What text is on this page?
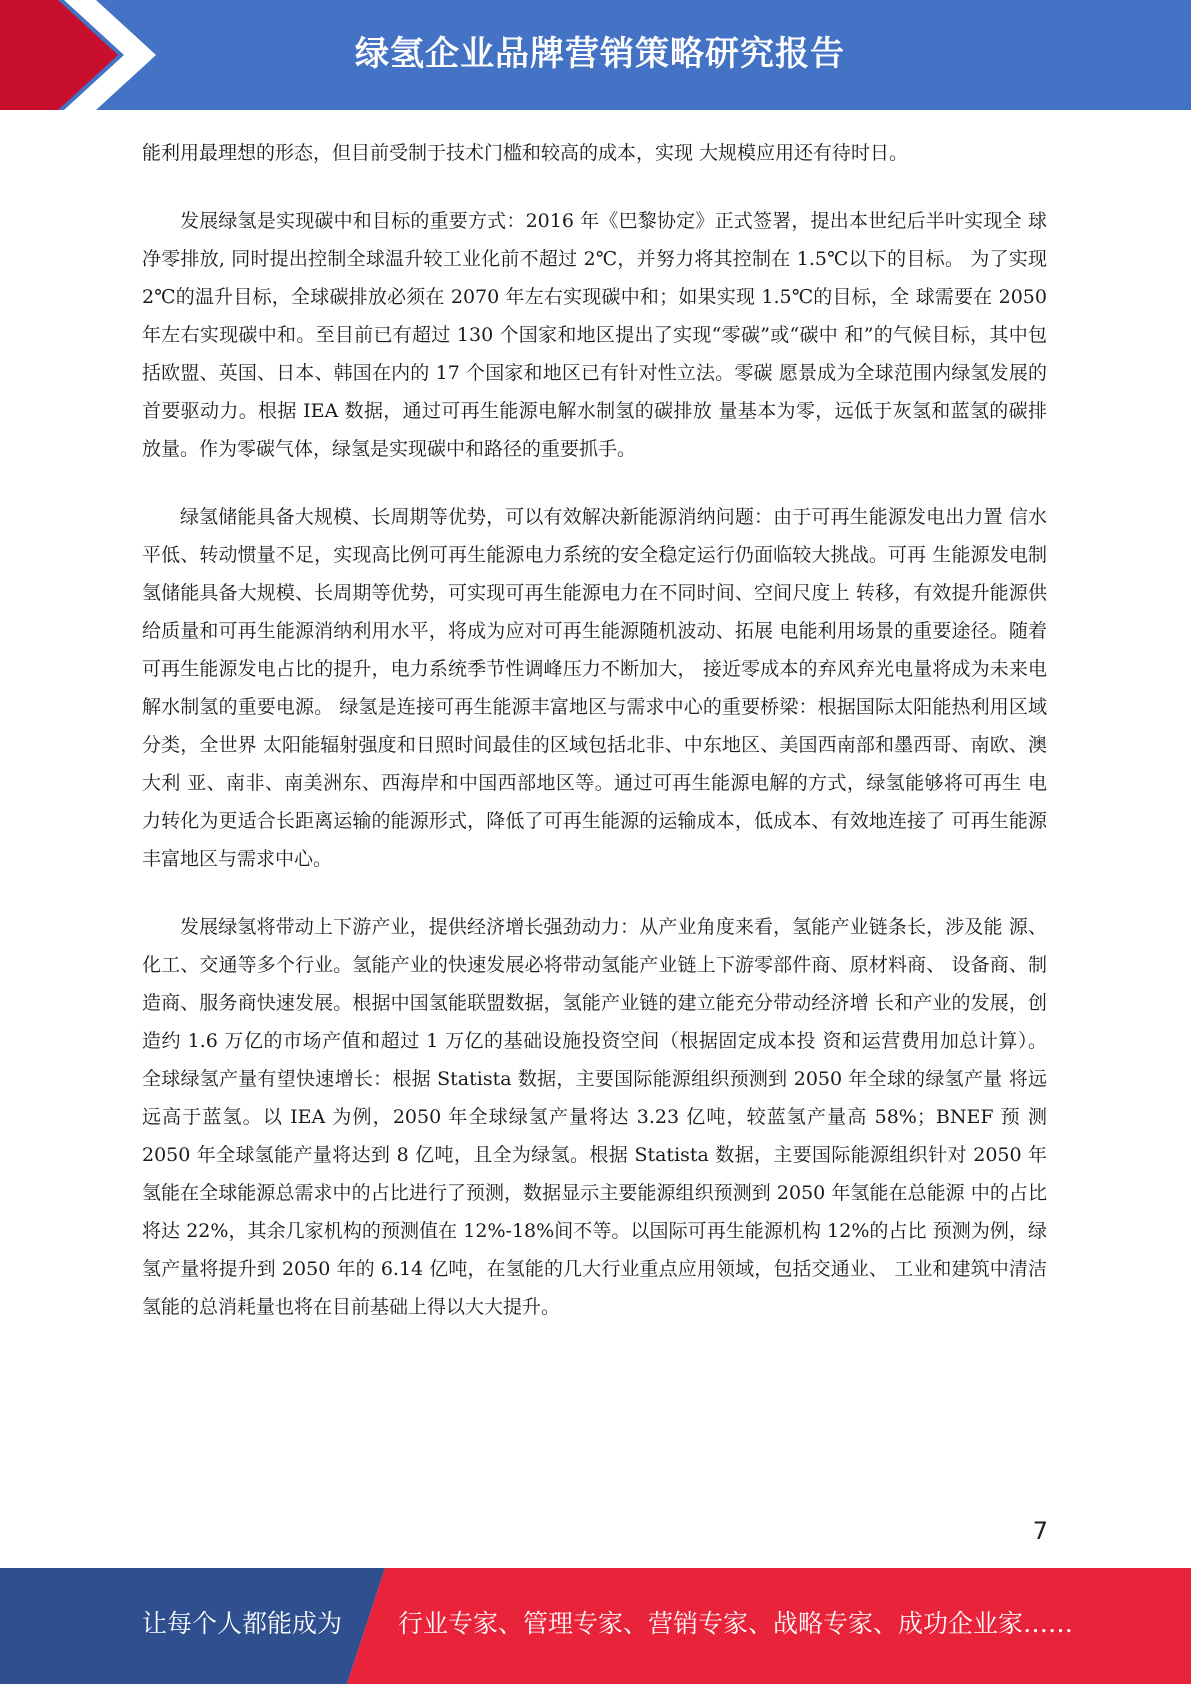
绿氢企业品牌营销策略研究报告

能利用最理想的形态，但目前受制于技术门槛和较高的成本，实现 大规模应用还有待时日。

发展绿氢是实现碳中和目标的重要方式：2016 年《巴黎协定》正式签署，提出本世纪后半叶实现全 球净零排放, 同时提出控制全球温升较工业化前不超过 2℃，并努力将其控制在 1.5℃以下的目标。 为了实现 2℃的温升目标，全球碳排放必须在 2070 年左右实现碳中和；如果实现 1.5℃的目标，全 球需要在 2050 年左右实现碳中和。至目前已有超过 130 个国家和地区提出了实现“零碳”或“碳中 和”的气候目标，其中包括欧盟、英国、日本、韩国在内的 17 个国家和地区已有针对性立法。零碳 愿景成为全球范围内绿氢发展的首要驱动力。根据 IEA 数据，通过可再生能源电解水制氢的碳排放 量基本为零，远低于灰氢和蓝氢的碳排放量。作为零碳气体，绿氢是实现碳中和路径的重要抓手。

绿氢储能具备大规模、长周期等优势，可以有效解决新能源消纳问题：由于可再生能源发电出力置 信水平低、转动惯量不足，实现高比例可再生能源电力系统的安全稳定运行仍面临较大挑战。可再 生能源发电制氢储能具备大规模、长周期等优势，可实现可再生能源电力在不同时间、空间尺度上 转移，有效提升能源供给质量和可再生能源消纳利用水平，将成为应对可再生能源随机波动、拓展 电能利用场景的重要途径。随着可再生能源发电占比的提升，电力系统季节性调峰压力不断加大， 接近零成本的弃风弃光电量将成为未来电解水制氢的重要电源。 绿氢是连接可再生能源丰富地区与需求中心的重要桥梁：根据国际太阳能热利用区域分类，全世界 太阳能辐射强度和日照时间最佳的区域包括北非、中东地区、美国西南部和墨西哥、南欧、澳大利 亚、南非、南美洲东、西海岸和中国西部地区等。通过可再生能源电解的方式，绿氢能够将可再生 电力转化为更适合长距离运输的能源形式，降低了可再生能源的运输成本，低成本、有效地连接了 可再生能源丰富地区与需求中心。

发展绿氢将带动上下游产业，提供经济增长强劲动力：从产业角度来看，氢能产业链条长，涉及能 源、化工、交通等多个行业。氢能产业的快速发展必将带动氢能产业链上下游零部件商、原材料商、 设备商、制造商、服务商快速发展。根据中国氢能联盟数据，氢能产业链的建立能充分带动经济增 长和产业的发展，创造约 1.6 万亿的市场产值和超过 1 万亿的基础设施投资空间（根据固定成本投 资和运营费用加总计算）。 全球绿氢产量有望快速增长：根据 Statista 数据，主要国际能源组织预测到 2050 年全球的绿氢产量 将远远高于蓝氢。以 IEA 为例，2050 年全球绿氢产量将达 3.23 亿吨，较蓝氢产量高 58%；BNEF 预 测 2050 年全球氢能产量将达到 8 亿吨，且全为绿氢。根据 Statista 数据，主要国际能源组织针对 2050 年氢能在全球能源总需求中的占比进行了预测，数据显示主要能源组织预测到 2050 年氢能在总能源 中的占比将达 22%，其余几家机构的预测值在 12%-18%间不等。以国际可再生能源机构 12%的占比 预测为例，绿氢产量将提升到 2050 年的 6.14 亿吨，在氢能的几大行业重点应用领域，包括交通业、 工业和建筑中清洁氢能的总消耗量也将在目前基础上得以大大提升。

7
让每个人都能成为 行业专家、管理专家、营销专家、战略专家、成功企业家……
